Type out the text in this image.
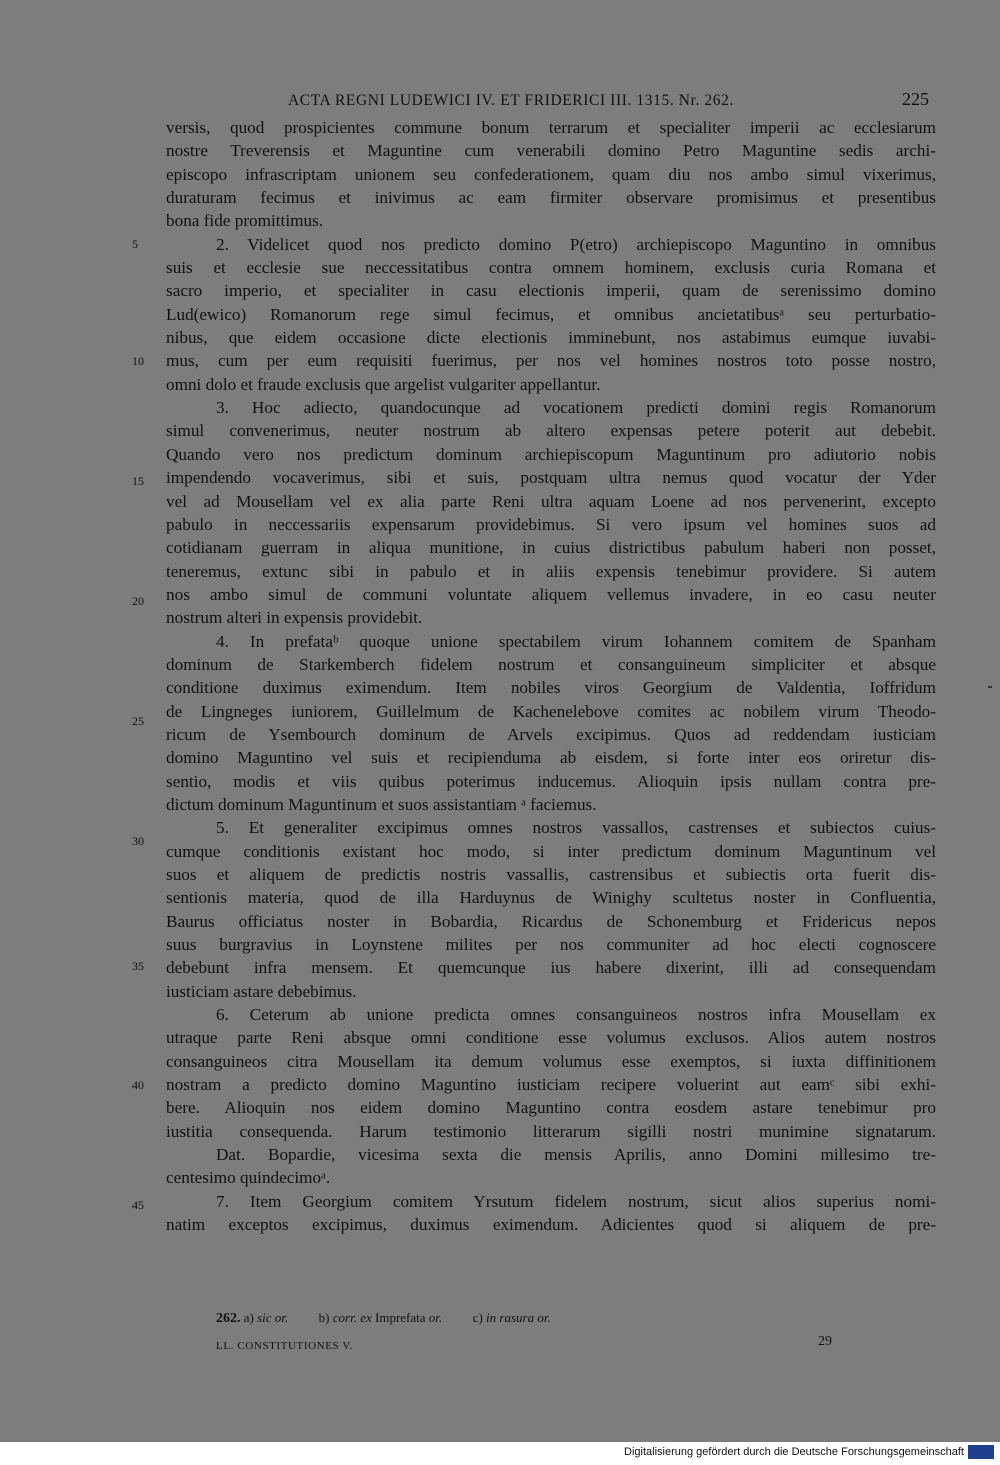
ACTA REGNI LUDEWICI IV. ET FRIDERICI III. 1315. Nr. 262.	225
versis, quod prospicientes commune bonum terrarum et specialiter imperii ac ecclesiarum
nostre Treverensis et Maguntine cum venerabili domino Petro Maguntine sedis archi-
episcopo infrascriptam unionem seu confederationem, quam diu nos ambo simul vixerimus,
duraturam fecimus et inivimus ac eam firmiter observare promisimus et presentibus
bona fide promittimus.
2. Videlicet quod nos predicto domino P(etro) archiepiscopo Maguntino in omnibus
suis et ecclesie sue neccessitatibus contra omnem hominem, exclusis curia Romana et
sacro imperio, et specialiter in casu electionis imperii, quam de serenissimo domino
Lud(ewico) Romanorum rege simul fecimus, et omnibus ancietatibusᵃ seu perturbatio-
nibus, que eidem occasione dicte electionis imminebunt, nos astabimus eumque iuvabi-
mus, cum per eum requisiti fuerimus, per nos vel homines nostros toto posse nostro,
omni dolo et fraude exclusis que argelist vulgariter appellantur.
3. Hoc adiecto, quandocunque ad vocationem predicti domini regis Romanorum
simul convenerimus, neuter nostrum ab altero expensas petere poterit aut debebit.
Quando vero nos predictum dominum archiepiscopum Maguntinum pro adiutorio nobis
impendendo vocaverimus, sibi et suis, postquam ultra nemus quod vocatur der Yder
vel ad Mousellam vel ex alia parte Reni ultra aquam Loene ad nos pervenerint, excepto
pabulo in neccessariis expensarum providebimus. Si vero ipsum vel homines suos ad
cotidianam guerram in aliqua munitione, in cuius districtibus pabulum haberi non posset,
teneremus, extunc sibi in pabulo et in aliis expensis tenebimur providere. Si autem
nos ambo simul de communi voluntate aliquem vellemus invadere, in eo casu neuter
nostrum alteri in expensis providebit.
4. In prefataᵇ quoque unione spectabilem virum Iohannem comitem de Spanham
dominum de Starkemberch fidelem nostrum et consanguineum simpliciter et absque
conditione duximus eximendum. Item nobiles viros Georgium de Valdentia, Ioffridum
de Lingneges iuniorem, Guillelmum de Kachenelebove comites ac nobilem virum Theodo-
ricum de Ysembourch dominum de Arvels excipimus. Quos ad reddendam iusticiam
domino Maguntino vel suis et recipienduma ab eisdem, si forte inter eos oriretur dis-
sentio, modis et viis quibus poterimus inducemus. Alioquin ipsis nullam contra pre-
dictum dominum Maguntinum et suos assistantiam ᵃ faciemus.
5. Et generaliter excipimus omnes nostros vassallos, castrenses et subiectos cuius-
cumque conditionis existant hoc modo, si inter predictum dominum Maguntinum vel
suos et aliquem de predictis nostris vassallis, castrensibus et subiectis orta fuerit dis-
sentionis materia, quod de illa Harduynus de Winighy scultetus noster in Confluentia,
Baurus officiatus noster in Bobardia, Ricardus de Schonemburg et Fridericus nepos
suus burgravius in Loynstene milites per nos communiter ad hoc electi cognoscere
debebunt infra mensem. Et quemcunque ius habere dixerint, illi ad consequendam
iusticiam astare debebimus.
6. Ceterum ab unione predicta omnes consanguineos nostros infra Mousellam ex
utraque parte Reni absque omni conditione esse volumus exclusos. Alios autem nostros
consanguineos citra Mousellam ita demum volumus esse exemptos, si iuxta diffinitionem
nostram a predicto domino Maguntino iusticiam recipere voluerint aut eamᶜ sibi exhi-
bere. Alioquin nos eidem domino Maguntino contra eosdem astare tenebimur pro
iustitia consequenda. Harum testimonio litterarum sigilli nostri munimine signatarum.
Dat. Bopardie, vicesima sexta die mensis Aprilis, anno Domini millesimo tre-
centesimo quindecimoᵃ.
7. Item Georgium comitem Yrsutum fidelem nostrum, sicut alios superius nomi-
natim exceptos excipimus, duximus eximendum. Adicientes quod si aliquem de pre-
5
10
15
20
25
30
35
40
45
262. a) sic or. b) corr. ex Imprefata or. c) in rasura or.
LL. CONSTITUTIONES V.	29
Digitalisierung gefördert durch die Deutsche Forschungsgemeinschaft
